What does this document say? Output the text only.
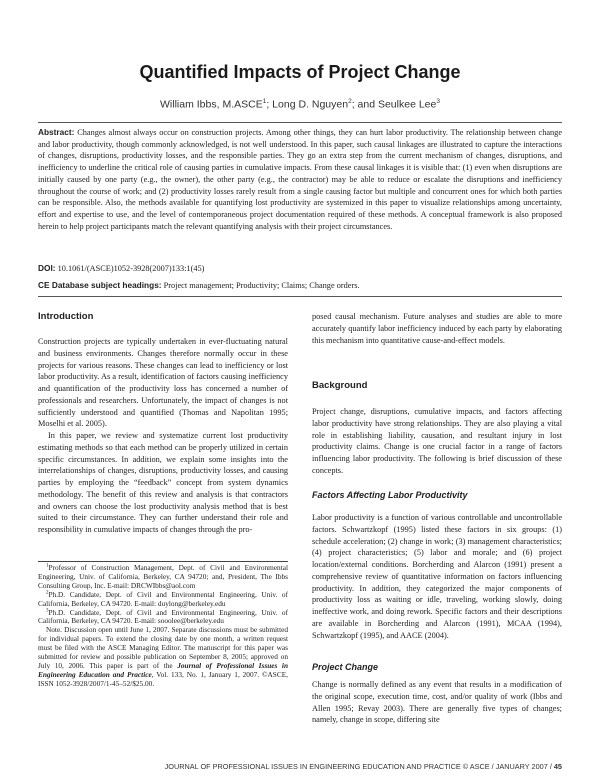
Quantified Impacts of Project Change
William Ibbs, M.ASCE$^1$; Long D. Nguyen$^2$; and Seulkee Lee$^3$
Abstract: Changes almost always occur on construction projects. Among other things, they can hurt labor productivity. The relationship between change and labor productivity, though commonly acknowledged, is not well understood. In this paper, such causal linkages are illustrated to capture the interactions of changes, disruptions, productivity losses, and the responsible parties. They go an extra step from the current mechanism of changes, disruptions, and inefficiency to underline the critical role of causing parties in cumulative impacts. From these causal linkages it is visible that: (1) even when disruptions are initially caused by one party (e.g., the owner), the other party (e.g., the contractor) may be able to reduce or escalate the disruptions and inefficiency throughout the course of work; and (2) productivity losses rarely result from a single causing factor but multiple and concurrent ones for which both parties can be responsible. Also, the methods available for quantifying lost productivity are systemized in this paper to visualize relationships among uncertainty, effort and expertise to use, and the level of contemporaneous project documentation required of these methods. A conceptual framework is also proposed herein to help project participants match the relevant quantifying analysis with their project circumstances.
DOI: 10.1061/(ASCE)1052-3928(2007)133:1(45)
CE Database subject headings: Project management; Productivity; Claims; Change orders.
Introduction

Construction projects are typically undertaken in ever-fluctuating natural and business environments. Changes therefore normally occur in these projects for various reasons. These changes can lead to inefficiency or lost labor productivity. As a result, identification of factors causing inefficiency and quantification of the productivity loss has concerned a number of professionals and researchers. Unfortunately, the impact of changes is not sufficiently understood and quantified (Thomas and Napolitan 1995; Moselhi et al. 2005).

In this paper, we review and systematize current lost productivity estimating methods so that each method can be properly utilized in certain specific circumstances. In addition, we explain some insights into the interrelationships of changes, disruptions, productivity losses, and causing parties by employing the “feedback” concept from system dynamics methodology. The benefit of this review and analysis is that contractors and owners can choose the lost productivity analysis method that is best suited to their circumstance. They can further understand their role and responsibility in cumulative impacts of changes through the pro-

$^1$Professor of Construction Management, Dept. of Civil and Environmental Engineering, Univ. of California, Berkeley, CA 94720; and, President, The Ibbs Consulting Group, Inc. E-mail: DRCWIbbs@aol.com

$^2$Ph.D. Candidate, Dept. of Civil and Environmental Engineering, Univ. of California, Berkeley, CA 94720. E-mail: duylong@berkeley.edu

$^3$Ph.D. Candidate, Dept. of Civil and Environmental Engineering, Univ. of California, Berkeley, CA 94720. E-mail: sooolee@berkeley.edu

Note. Discussion open until June 1, 2007. Separate discussions must be submitted for individual papers. To extend the closing date by one month, a written request must be filed with the ASCE Managing Editor. The manuscript for this paper was submitted for review and possible publication on September 8, 2005; approved on July 10, 2006. This paper is part of the Journal of Professional Issues in Engineering Education and Practice, Vol. 133, No. 1, January 1, 2007. ©ASCE, ISSN 1052-3928/2007/1-45–52/$25.00.

posed causal mechanism. Future analyses and studies are able to more accurately quantify labor inefficiency induced by each party by elaborating this mechanism into quantitative cause-and-effect models.
Background
Project change, disruptions, cumulative impacts, and factors affecting labor productivity have strong relationships. They are also playing a vital role in establishing liability, causation, and resultant injury in lost productivity claims. Change is one crucial factor in a range of factors influencing labor productivity. The following is brief discussion of these concepts.
Factors Affecting Labor Productivity
Labor productivity is a function of various controllable and uncontrollable factors. Schwartzkopf (1995) listed these factors in six groups: (1) schedule acceleration; (2) change in work; (3) management characteristics; (4) project characteristics; (5) labor and morale; and (6) project location/external conditions. Borcherding and Alarcon (1991) present a comprehensive review of quantitative information on factors influencing productivity. In addition, they categorized the major components of productivity loss as waiting or idle, traveling, working slowly, doing ineffective work, and doing rework. Specific factors and their descriptions are available in Borcherding and Alarcon (1991), MCAA (1994), Schwartzkopf (1995), and AACE (2004).
Project Change
Change is normally defined as any event that results in a modification of the original scope, execution time, cost, and/or quality of work (Ibbs and Allen 1995; Revay 2003). There are generally five types of changes; namely, change in scope, differing site
JOURNAL OF PROFESSIONAL ISSUES IN ENGINEERING EDUCATION AND PRACTICE © ASCE / JANUARY 2007 / 45
